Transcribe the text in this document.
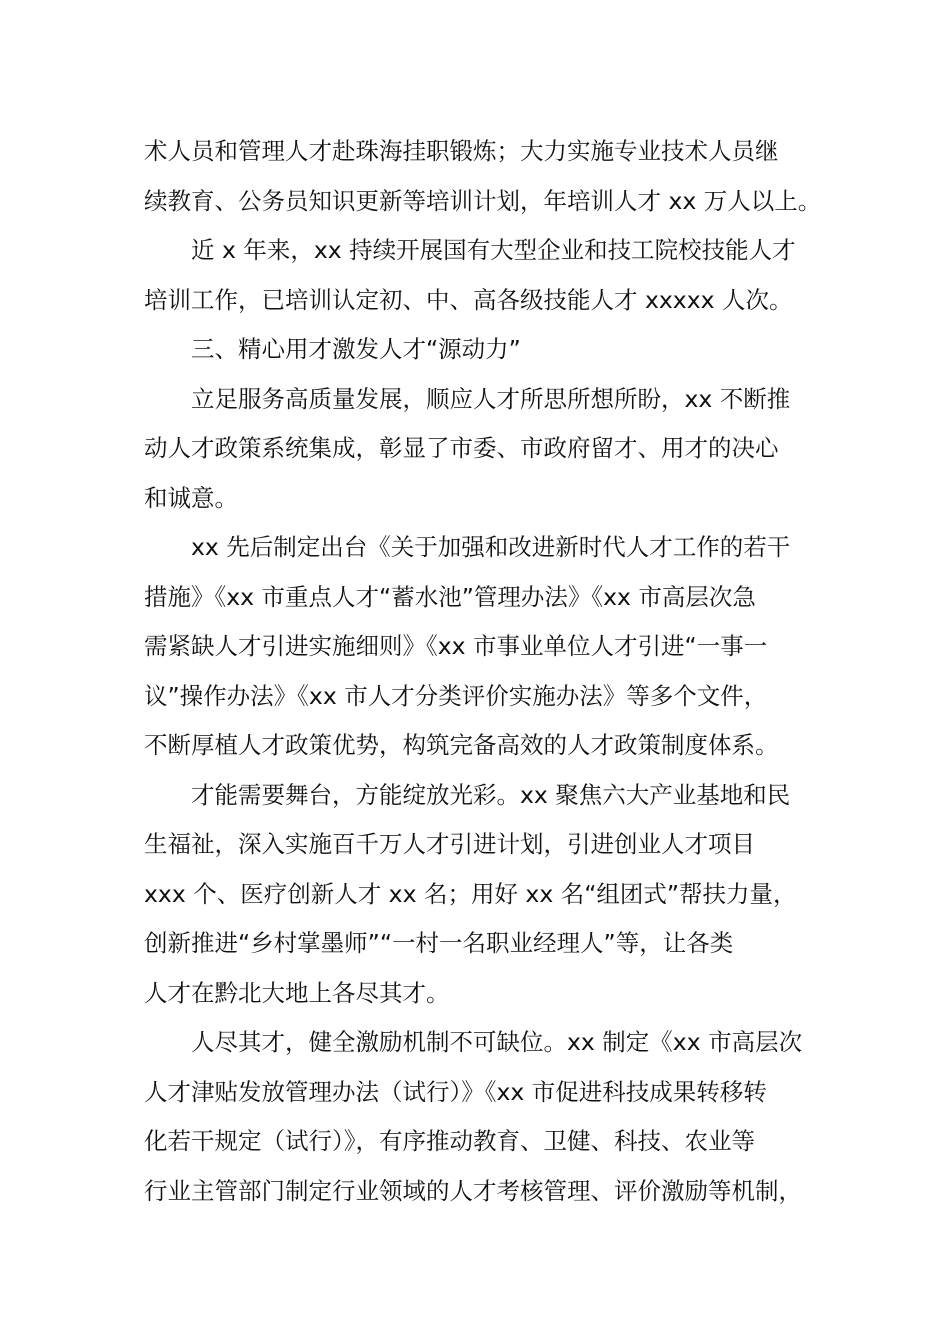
术人员和管理人才赴珠海挂职锻炼；大力实施专业技术人员继
续教育、公务员知识更新等培训计划，年培训人才 xx 万人以上。
近 x 年来，xx 持续开展国有大型企业和技工院校技能人才
培训工作，已培训认定初、中、高各级技能人才 xxxxx 人次。
三、精心用才激发人才“源动力”
立足服务高质量发展，顺应人才所思所想所盼，xx 不断推
动人才政策系统集成，彰显了市委、市政府留才、用才的决心
和诚意。
xx 先后制定出台《关于加强和改进新时代人才工作的若干
措施》《xx 市重点人才“蓄水池”管理办法》《xx 市高层次急
需紧缺人才引进实施细则》《xx 市事业单位人才引进“一事一
议”操作办法》《xx 市人才分类评价实施办法》等多个文件，
不断厚植人才政策优势，构筑完备高效的人才政策制度体系。
才能需要舞台，方能绽放光彩。xx 聚焦六大产业基地和民
生福祉，深入实施百千万人才引进计划，引进创业人才项目
xxx 个、医疗创新人才 xx 名；用好 xx 名“组团式”帮扶力量，
创新推进“乡村掌墨师”“一村一名职业经理人”等，让各类
人才在黔北大地上各尽其才。
人尽其才，健全激励机制不可缺位。xx 制定《xx 市高层次
人才津贴发放管理办法（试行）》《xx 市促进科技成果转移转
化若干规定（试行）》，有序推动教育、卫健、科技、农业等
行业主管部门制定行业领域的人才考核管理、评价激励等机制，
